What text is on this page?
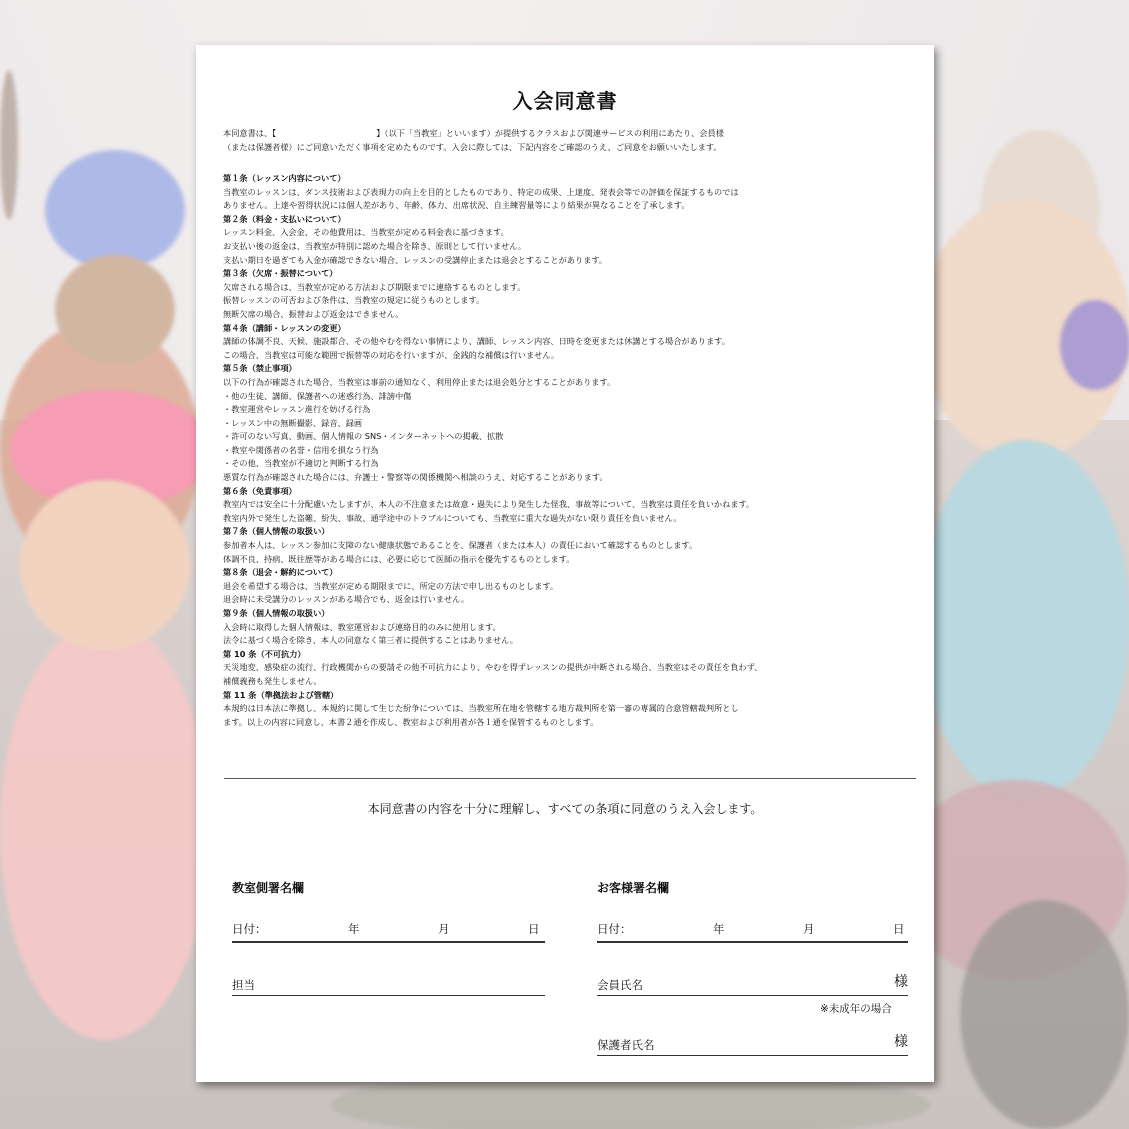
入会同意書
本同意書は、【	】（以下「当教室」といいます）が提供するクラスおよび関連サービスの利用にあたり、会員様
（または保護者様）にご同意いただく事項を定めたものです。入会に際しては、下記内容をご確認のうえ、ご同意をお願いいたします。
第１条（レッスン内容について）
当教室のレッスンは、ダンス技術および表現力の向上を目的としたものであり、特定の成果、上達度、発表会等での評価を保証するものでは
ありません。上達や習得状況には個人差があり、年齢、体力、出席状況、自主練習量等により結果が異なることを了承します。
第２条（料金・支払いについて）
レッスン料金、入会金、その他費用は、当教室が定める料金表に基づきます。
お支払い後の返金は、当教室が特別に認めた場合を除き、原則として行いません。
支払い期日を過ぎても入金が確認できない場合、レッスンの受講停止または退会とすることがあります。
第３条（欠席・振替について）
欠席される場合は、当教室が定める方法および期限までに連絡するものとします。
振替レッスンの可否および条件は、当教室の規定に従うものとします。
無断欠席の場合、振替および返金はできません。
第４条（講師・レッスンの変更）
講師の体調不良、天候、施設都合、その他やむを得ない事情により、講師、レッスン内容、日時を変更または休講とする場合があります。
この場合、当教室は可能な範囲で振替等の対応を行いますが、金銭的な補償は行いません。
第５条（禁止事項）
以下の行為が確認された場合、当教室は事前の通知なく、利用停止または退会処分とすることがあります。
・他の生徒、講師、保護者への迷惑行為、誹謗中傷
・教室運営やレッスン進行を妨げる行為
・レッスン中の無断撮影、録音、録画
・許可のない写真、動画、個人情報の SNS・インターネットへの掲載、拡散
・教室や関係者の名誉・信用を損なう行為
・その他、当教室が不適切と判断する行為
悪質な行為が確認された場合には、弁護士・警察等の関係機関へ相談のうえ、対応することがあります。
第６条（免責事項）
教室内では安全に十分配慮いたしますが、本人の不注意または故意・過失により発生した怪我、事故等について、当教室は責任を負いかねます。
教室内外で発生した盗難、紛失、事故、通学途中のトラブルについても、当教室に重大な過失がない限り責任を負いません。
第７条（個人情報の取扱い）
参加者本人は、レッスン参加に支障のない健康状態であることを、保護者（または本人）の責任において確認するものとします。
体調不良、持病、既往歴等がある場合には、必要に応じて医師の指示を優先するものとします。
第８条（退会・解約について）
退会を希望する場合は、当教室が定める期限までに、所定の方法で申し出るものとします。
退会時に未受講分のレッスンがある場合でも、返金は行いません。
第９条（個人情報の取扱い）
入会時に取得した個人情報は、教室運営および連絡目的のみに使用します。
法令に基づく場合を除き、本人の同意なく第三者に提供することはありません。
第 10 条（不可抗力）
天災地変、感染症の流行、行政機関からの要請その他不可抗力により、やむを得ずレッスンの提供が中断される場合、当教室はその責任を負わず、
補償義務も発生しません。
第 11 条（準拠法および管轄）
本規約は日本法に準拠し、本規約に関して生じた紛争については、当教室所在地を管轄する地方裁判所を第一審の専属的合意管轄裁判所とし
ます。以上の内容に同意し、本書２通を作成し、教室および利用者が各１通を保管するものとします。
本同意書の内容を十分に理解し、すべての条項に同意のうえ入会します。
教室側署名欄
日付：	年	月	日
担当
お客様署名欄
日付：	年	月	日
会員氏名	様
※未成年の場合
保護者氏名	様
